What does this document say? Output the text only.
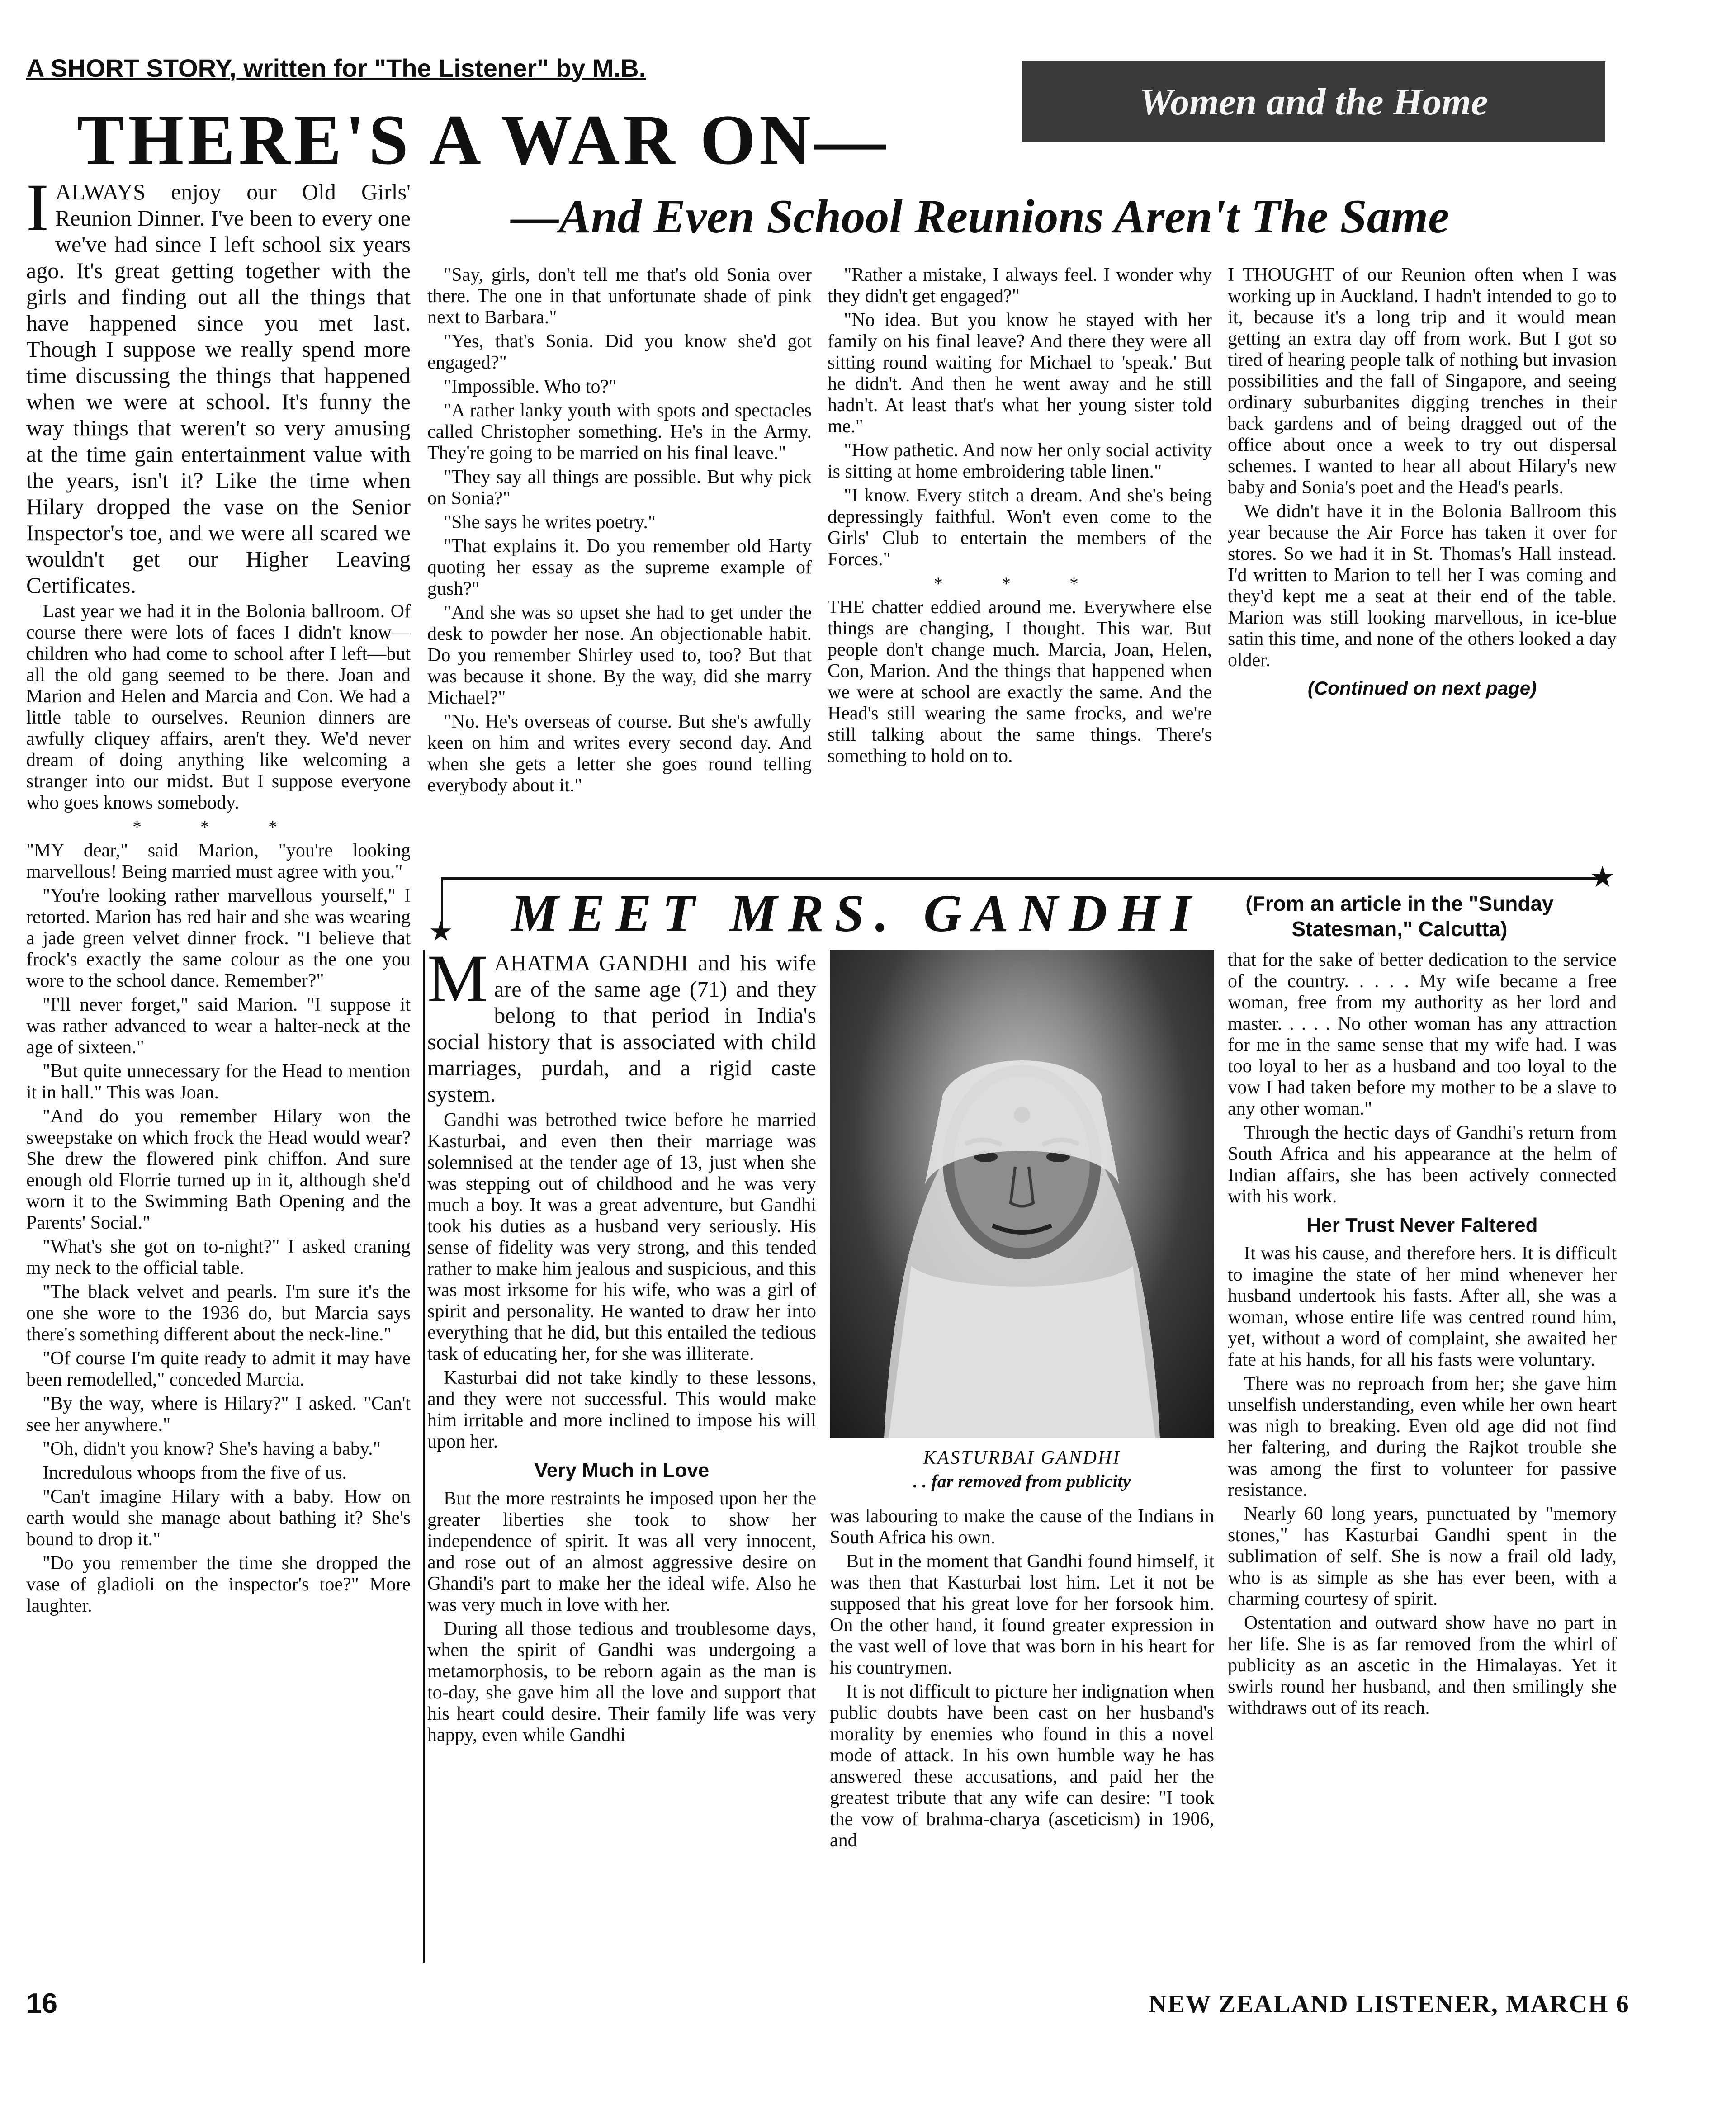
A SHORT STORY, written for "The Listener" by M.B.
Women and the Home
THERE'S A WAR ON—
—And Even School Reunions Aren't The Same
I ALWAYS enjoy our Old Girls' Reunion Dinner. I've been to every one we've had since I left school six years ago. It's great getting together with the girls and finding out all the things that have happened since you met last. Though I suppose we really spend more time discussing the things that happened when we were at school. It's funny the way things that weren't so very amusing at the time gain entertainment value with the years, isn't it? Like the time when Hilary dropped the vase on the Senior Inspector's toe, and we were all scared we wouldn't get our Higher Leaving Certificates.

Last year we had it in the Bolonia ballroom. Of course there were lots of faces I didn't know—children who had come to school after I left—but all the old gang seemed to be there. Joan and Marion and Helen and Marcia and Con. We had a little table to ourselves. Reunion dinners are awfully cliquey affairs, aren't they. We'd never dream of doing anything like welcoming a stranger into our midst. But I suppose everyone who goes knows somebody.

* * *

"MY dear," said Marion, "you're looking marvellous! Being married must agree with you."

"You're looking rather marvellous yourself," I retorted. Marion has red hair and she was wearing a jade green velvet dinner frock. "I believe that frock's exactly the same colour as the one you wore to the school dance. Remember?"

"I'll never forget," said Marion. "I suppose it was rather advanced to wear a halter-neck at the age of sixteen."

"But quite unnecessary for the Head to mention it in hall." This was Joan.

"And do you remember Hilary won the sweepstake on which frock the Head would wear? She drew the flowered pink chiffon. And sure enough old Florrie turned up in it, although she'd worn it to the Swimming Bath Opening and the Parents' Social."

"What's she got on to-night?" I asked craning my neck to the official table.

"The black velvet and pearls. I'm sure it's the one she wore to the 1936 do, but Marcia says there's something different about the neck-line."

"Of course I'm quite ready to admit it may have been remodelled," conceded Marcia.

"By the way, where is Hilary?" I asked. "Can't see her anywhere."

"Oh, didn't you know? She's having a baby."

Incredulous whoops from the five of us.

"Can't imagine Hilary with a baby. How on earth would she manage about bathing it? She's bound to drop it."

"Do you remember the time she dropped the vase of gladioli on the inspector's toe?" More laughter.

"Say, girls, don't tell me that's old Sonia over there. The one in that unfortunate shade of pink next to Barbara."

"Yes, that's Sonia. Did you know she'd got engaged?"

"Impossible. Who to?"

"A rather lanky youth with spots and spectacles called Christopher something. He's in the Army. They're going to be married on his final leave."

"They say all things are possible. But why pick on Sonia?"

"She says he writes poetry."

"That explains it. Do you remember old Harty quoting her essay as the supreme example of gush?"

"And she was so upset she had to get under the desk to powder her nose. An objectionable habit. Do you remember Shirley used to, too? But that was because it shone. By the way, did she marry Michael?"

"No. He's overseas of course. But she's awfully keen on him and writes every second day. And when she gets a letter she goes round telling everybody about it."

"Rather a mistake, I always feel. I wonder why they didn't get engaged?"

"No idea. But you know he stayed with her family on his final leave? And there they were all sitting round waiting for Michael to 'speak.' But he didn't. And then he went away and he still hadn't. At least that's what her young sister told me."

"How pathetic. And now her only social activity is sitting at home embroidering table linen."

"I know. Every stitch a dream. And she's being depressingly faithful. Won't even come to the Girls' Club to entertain the members of the Forces."

* * *

THE chatter eddied around me. Everywhere else things are changing, I thought. This war. But people don't change much. Marcia, Joan, Helen, Con, Marion. And the things that happened when we were at school are exactly the same. And the Head's still wearing the same frocks, and we're still talking about the same things. There's something to hold on to.

I THOUGHT of our Reunion often when I was working up in Auckland. I hadn't intended to go to it, because it's a long trip and it would mean getting an extra day off from work. But I got so tired of hearing people talk of nothing but invasion possibilities and the fall of Singapore, and seeing ordinary suburbanites digging trenches in their back gardens and of being dragged out of the office about once a week to try out dispersal schemes. I wanted to hear all about Hilary's new baby and Sonia's poet and the Head's pearls.

We didn't have it in the Bolonia Ballroom this year because the Air Force has taken it over for stores. So we had it in St. Thomas's Hall instead. I'd written to Marion to tell her I was coming and they'd kept me a seat at their end of the table. Marion was still looking marvellous, in ice-blue satin this time, and none of the others looked a day older.

(Continued on next page)

★
★ MEET MRS. GANDHI	(From an article in the "Sunday Statesman," Calcutta)
M AHATMA GANDHI and his wife are of the same age (71) and they belong to that period in India's social history that is associated with child marriages, purdah, and a rigid caste system.

Gandhi was betrothed twice before he married Kasturbai, and even then their marriage was solemnised at the tender age of 13, just when she was stepping out of childhood and he was very much a boy. It was a great adventure, but Gandhi took his duties as a husband very seriously. His sense of fidelity was very strong, and this tended rather to make him jealous and suspicious, and this was most irksome for his wife, who was a girl of spirit and personality. He wanted to draw her into everything that he did, but this entailed the tedious task of educating her, for she was illiterate.

Kasturbai did not take kindly to these lessons, and they were not successful. This would make him irritable and more inclined to impose his will upon her.

Very Much in Love

But the more restraints he imposed upon her the greater liberties she took to show her independence of spirit. It was all very innocent, and rose out of an almost aggressive desire on Ghandi's part to make her the ideal wife. Also he was very much in love with her.

During all those tedious and troublesome days, when the spirit of Gandhi was undergoing a metamorphosis, to be reborn again as the man is to-day, she gave him all the love and support that his heart could desire. Their family life was very happy, even while Gandhi

KASTURBAI GANDHI
. . far removed from publicity

was labouring to make the cause of the Indians in South Africa his own.

But in the moment that Gandhi found himself, it was then that Kasturbai lost him. Let it not be supposed that his great love for her forsook him. On the other hand, it found greater expression in the vast well of love that was born in his heart for his countrymen.

It is not difficult to picture her indignation when public doubts have been cast on her husband's morality by enemies who found in this a novel mode of attack. In his own humble way he has answered these accusations, and paid her the greatest tribute that any wife can desire: "I took the vow of brahma-charya (asceticism) in 1906, and

that for the sake of better dedication to the service of the country. . . . . My wife became a free woman, free from my authority as her lord and master. . . . . No other woman has any attraction for me in the same sense that my wife had. I was too loyal to her as a husband and too loyal to the vow I had taken before my mother to be a slave to any other woman."

Through the hectic days of Gandhi's return from South Africa and his appearance at the helm of Indian affairs, she has been actively connected with his work.

Her Trust Never Faltered

It was his cause, and therefore hers. It is difficult to imagine the state of her mind whenever her husband undertook his fasts. After all, she was a woman, whose entire life was centred round him, yet, without a word of complaint, she awaited her fate at his hands, for all his fasts were voluntary.

There was no reproach from her; she gave him unselfish understanding, even while her own heart was nigh to breaking. Even old age did not find her faltering, and during the Rajkot trouble she was among the first to volunteer for passive resistance.

Nearly 60 long years, punctuated by "memory stones," has Kasturbai Gandhi spent in the sublimation of self. She is now a frail old lady, who is as simple as she has ever been, with a charming courtesy of spirit.

Ostentation and outward show have no part in her life. She is as far removed from the whirl of publicity as an ascetic in the Himalayas. Yet it swirls round her husband, and then smilingly she withdraws out of its reach.

16	NEW ZEALAND LISTENER, MARCH 6
